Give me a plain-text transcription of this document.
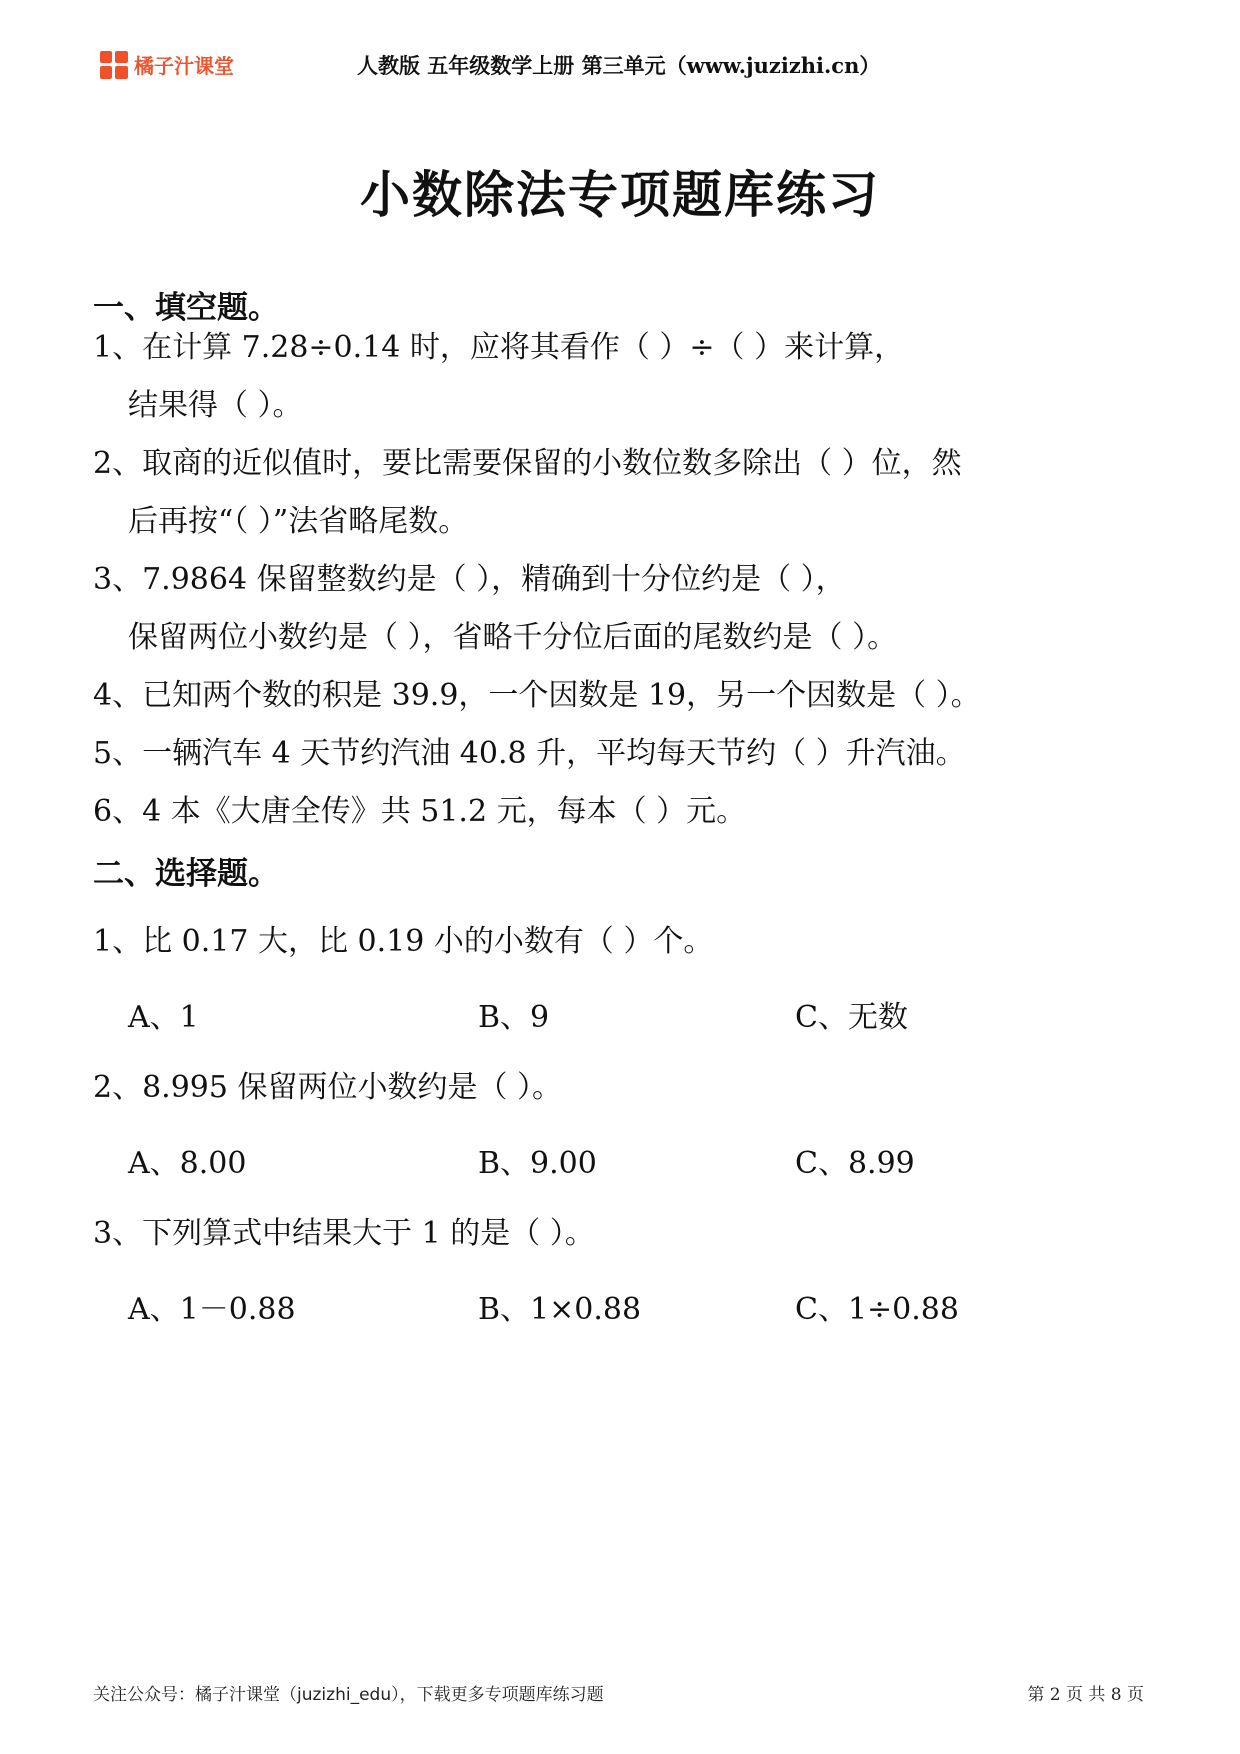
橘子汁课堂	人教版 五年级数学上册 第三单元（www.juzizhi.cn）
小数除法专项题库练习
一、填空题。
1、在计算 7.28÷0.14 时，应将其看作（ ）÷（ ）来计算，
结果得（ ）。
2、取商的近似值时，要比需要保留的小数位数多除出（ ）位，然
后再按“（ ）”法省略尾数。
3、7.9864 保留整数约是（ ），精确到十分位约是（ ），
保留两位小数约是（ ），省略千分位后面的尾数约是（ ）。
4、已知两个数的积是 39.9，一个因数是 19，另一个因数是（ ）。
5、一辆汽车 4 天节约汽油 40.8 升，平均每天节约（ ）升汽油。
6、4 本《大唐全传》共 51.2 元，每本（ ）元。
二、选择题。
1、比 0.17 大，比 0.19 小的小数有（ ）个。
A、1	B、9	C、无数
2、8.995 保留两位小数约是（ ）。
A、8.00	B、9.00	C、8.99
3、下列算式中结果大于 1 的是（ ）。
A、1－0.88	B、1×0.88	C、1÷0.88
关注公众号：橘子汁课堂（juzizhi_edu），下载更多专项题库练习题	第 2 页 共 8 页
